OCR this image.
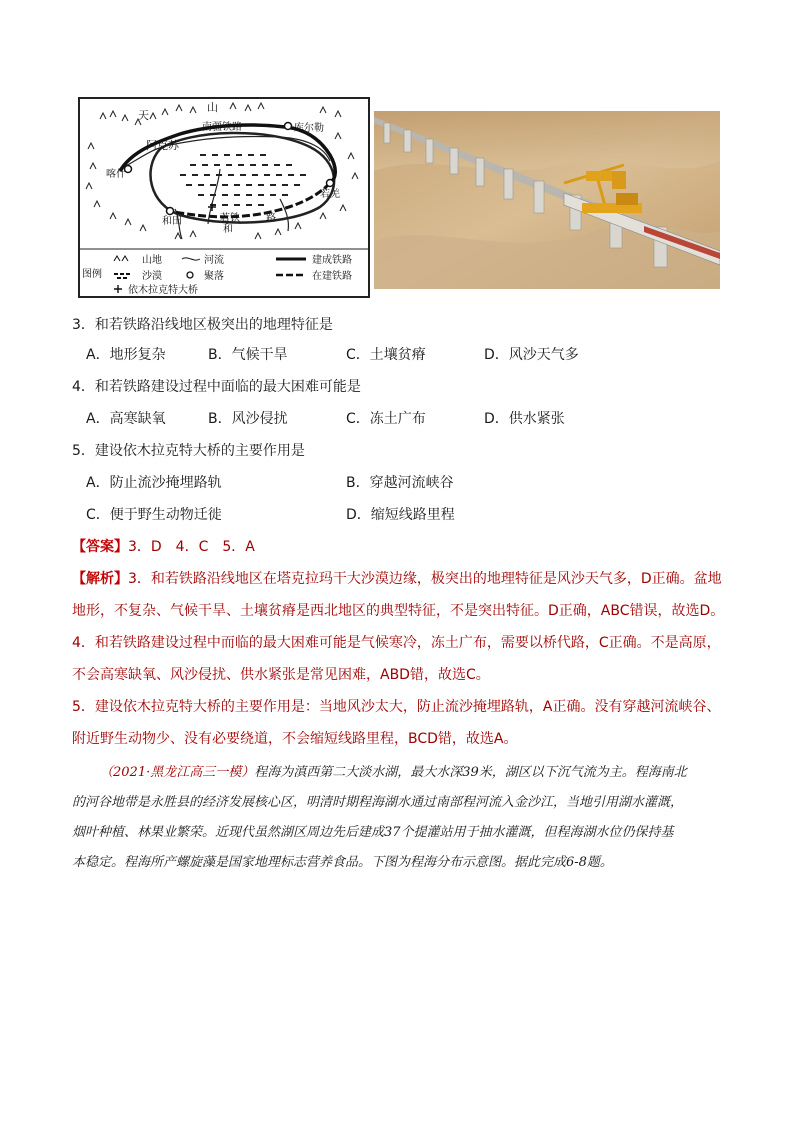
天
山
南疆铁路	库尔勒
阿克苏
喀什
若羌
和田	若铁
和
路
图例
山地	河流	建成铁路
沙漠	聚落	在建铁路
依木拉克特大桥
3．和若铁路沿线地区极突出的地理特征是
A．地形复杂	B．气候干旱	C．土壤贫瘠	D．风沙天气多
4．和若铁路建设过程中面临的最大困难可能是
A．高寒缺氧	B．风沙侵扰	C．冻土广布	D．供水紧张
5．建设依木拉克特大桥的主要作用是
A．防止流沙掩埋路轨	B．穿越河流峡谷
C．便于野生动物迁徙	D．缩短线路里程
【答案】3．D　4．C　5．A
【解析】3．和若铁路沿线地区在塔克拉玛干大沙漠边缘，极突出的地理特征是风沙天气多，D正确。盆地
地形，不复杂、气候干旱、土壤贫瘠是西北地区的典型特征，不是突出特征。D正确，ABC错误，故选D。
4．和若铁路建设过程中而临的最大困难可能是气候寒冷，冻土广布，需要以桥代路，C正确。不是高原，
不会高寒缺氧、风沙侵扰、供水紧张是常见困难，ABD错，故选C。
5．建设依木拉克特大桥的主要作用是：当地风沙太大，防止流沙掩埋路轨，A正确。没有穿越河流峡谷、
附近野生动物少、没有必要绕道，不会缩短线路里程，BCD错，故选A。
（2021·黑龙江高三一模）程海为滇西第二大淡水湖，最大水深39米，湖区以下沉气流为主。程海南北
的河谷地带是永胜县的经济发展核心区，明清时期程海湖水通过南部程河流入金沙江，当地引用湖水灌溉，
烟叶种植、林果业繁荣。近现代虽然湖区周边先后建成37个提灌站用于抽水灌溉，但程海湖水位仍保持基
本稳定。程海所产螺旋藻是国家地理标志营养食品。下图为程海分布示意图。据此完成6-8题。
